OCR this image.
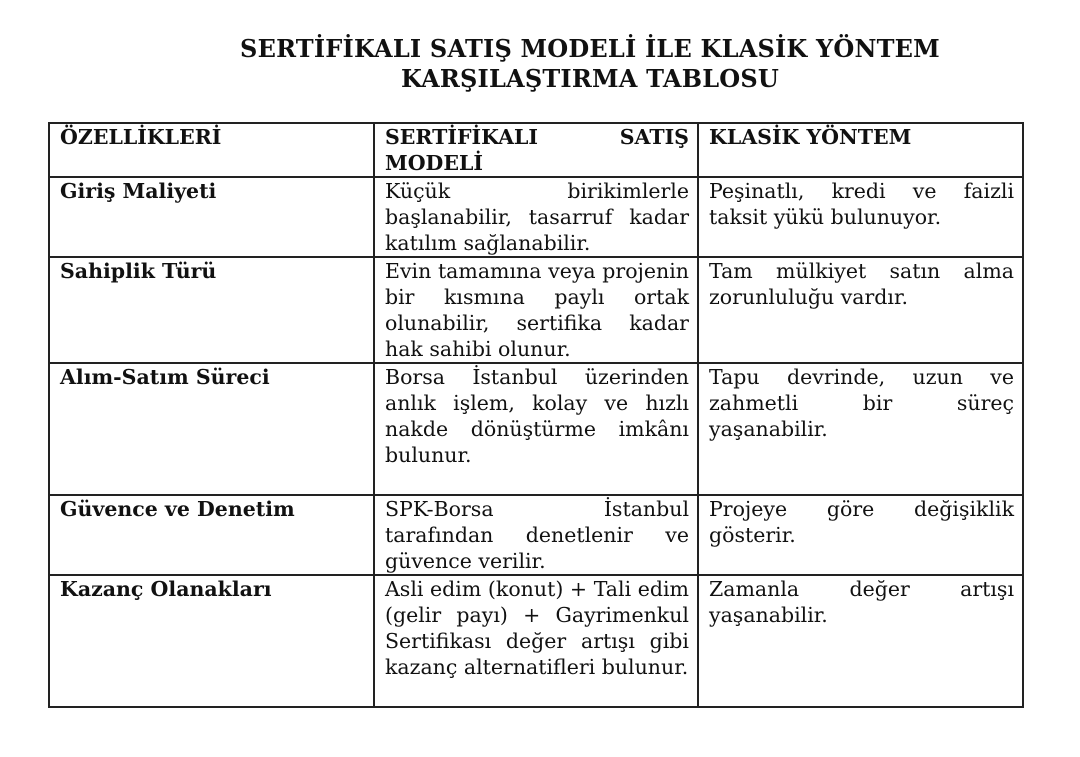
SERTİFİKALI SATIŞ MODELİ İLE KLASİK YÖNTEM
KARŞILAŞTIRMA TABLOSU
ÖZELLİKLERİ	SERTİFİKALI SATIŞ MODELİ	KLASİK YÖNTEM
Giriş Maliyeti	Küçük birikimlerle başlanabilir, tasarruf kadar katılım sağlanabilir.	Peşinatlı, kredi ve faizli taksit yükü bulunuyor.
Sahiplik Türü	Evin tamamına veya projenin bir kısmına paylı ortak olunabilir, sertifika kadar hak sahibi olunur.	Tam mülkiyet satın alma zorunluluğu vardır.
Alım-Satım Süreci	Borsa İstanbul üzerinden anlık işlem, kolay ve hızlı nakde dönüştürme imkânı bulunur.	Tapu devrinde, uzun ve zahmetli bir süreç yaşanabilir.
Güvence ve Denetim	SPK-Borsa İstanbul tarafından denetlenir ve güvence verilir.	Projeye göre değişiklik gösterir.
Kazanç Olanakları	Asli edim (konut) + Tali edim (gelir payı) + Gayrimenkul Sertifikası değer artışı gibi kazanç alternatifleri bulunur.	Zamanla değer artışı yaşanabilir.
